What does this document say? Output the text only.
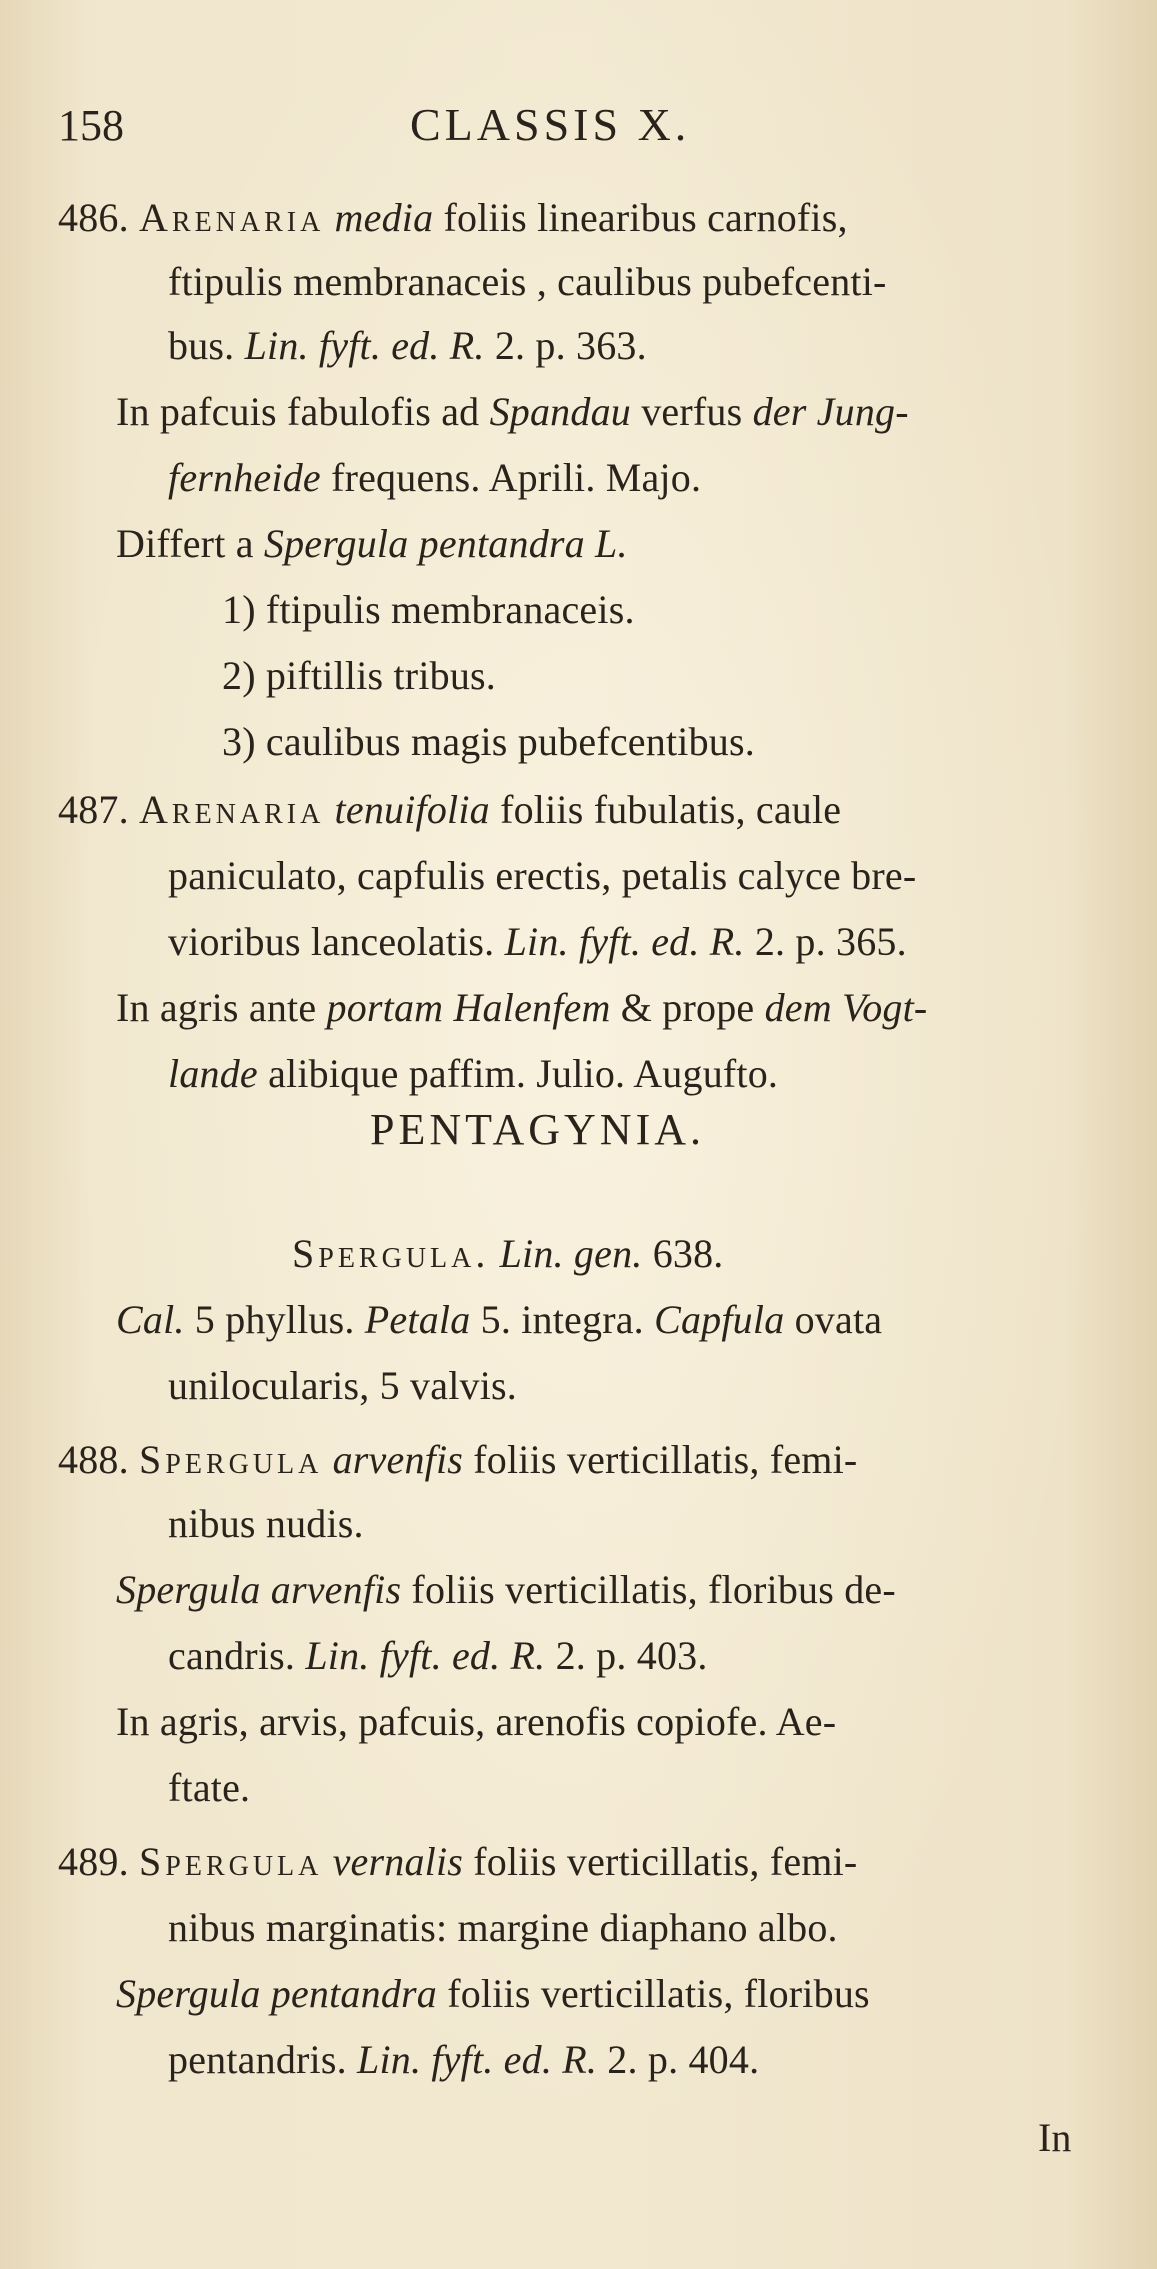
158	CLASSIS X.
486. Arenaria media foliis linearibus carnofis,
ftipulis membranaceis , caulibus pubefcenti-
bus. Lin. fyft. ed. R. 2. p. 363.
In pafcuis fabulofis ad Spandau verfus der Jung-
fernheide frequens. Aprili. Majo.
Differt a Spergula pentandra L.
1) ftipulis membranaceis.
2) piftillis tribus.
3) caulibus magis pubefcentibus.
487. Arenaria tenuifolia foliis fubulatis, caule
paniculato, capfulis erectis, petalis calyce bre-
vioribus lanceolatis. Lin. fyft. ed. R. 2. p. 365.
In agris ante portam Halenfem & prope dem Vogt-
lande alibique paffim. Julio. Augufto.
PENTAGYNIA.
Spergula. Lin. gen. 638.
Cal. 5 phyllus. Petala 5. integra. Capfula ovata
unilocularis, 5 valvis.
488. Spergula arvenfis foliis verticillatis, femi-
nibus nudis.
Spergula arvenfis foliis verticillatis, floribus de-
candris. Lin. fyft. ed. R. 2. p. 403.
In agris, arvis, pafcuis, arenofis copiofe. Ae-
ftate.
489. Spergula vernalis foliis verticillatis, femi-
nibus marginatis: margine diaphano albo.
Spergula pentandra foliis verticillatis, floribus
pentandris. Lin. fyft. ed. R. 2. p. 404.
In
